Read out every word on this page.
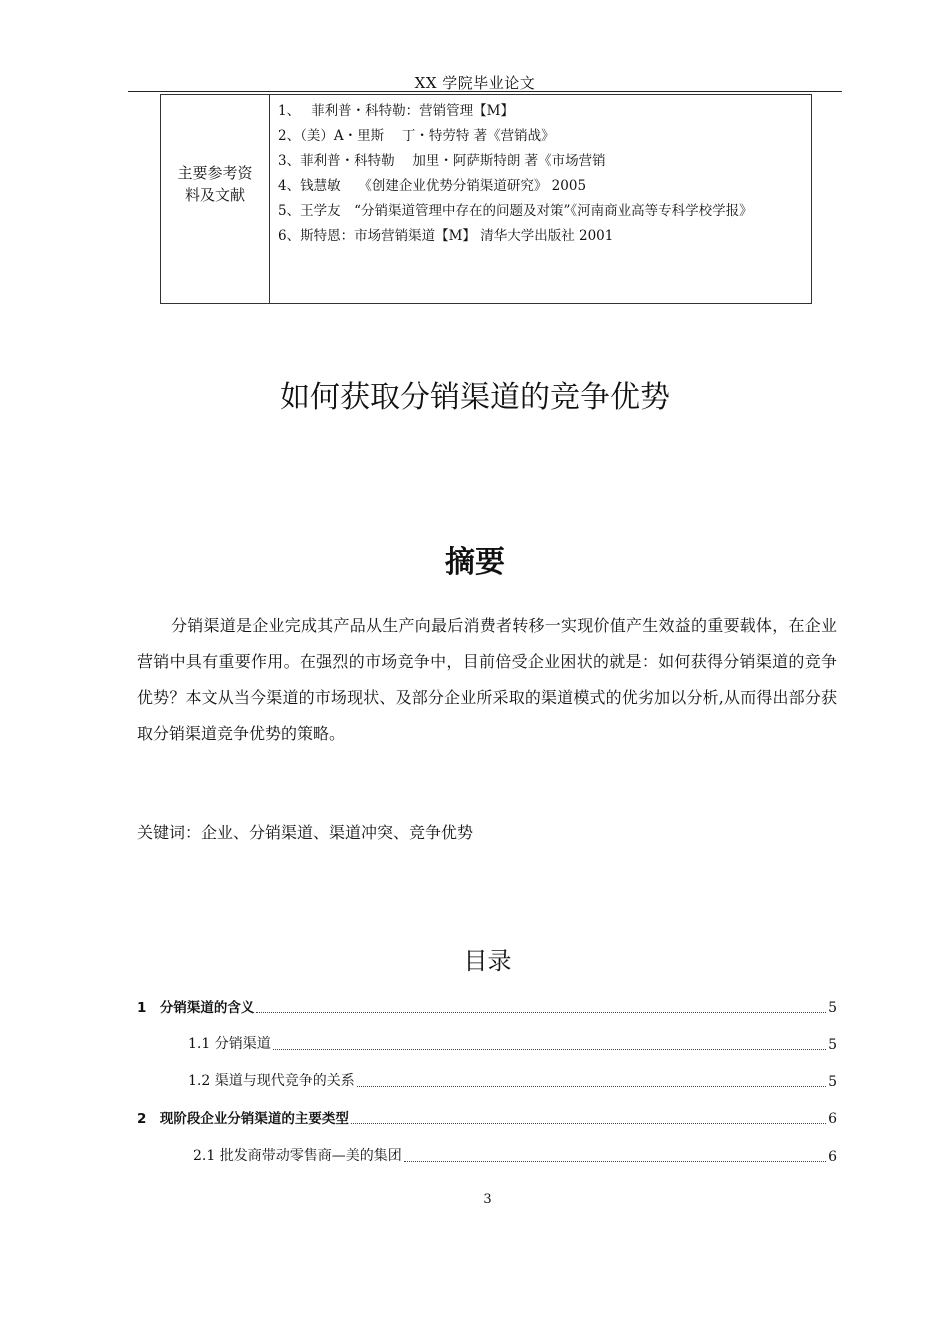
XX 学院毕业论文
主要参考资　料及文献
1、　 菲利普・科特勒：营销管理【M】
2、（美）A・里斯　 丁・特劳特 著《营销战》
3、菲利普・科特勒　 加里・阿萨斯特朗 著《市场营销
4、钱慧敏　 《创建企业优势分销渠道研究》 2005
5、王学友　“分销渠道管理中存在的问题及对策”《河南商业高等专科学校学报》
6、斯特恩：市场营销渠道【M】 清华大学出版社 2001
如何获取分销渠道的竞争优势
摘要
分销渠道是企业完成其产品从生产向最后消费者转移一实现价值产生效益的重要载体，在企业营销中具有重要作用。在强烈的市场竞争中，目前倍受企业困状的就是：如何获得分销渠道的竞争优势？本文从当今渠道的市场现状、及部分企业所采取的渠道模式的优劣加以分析,从而得出部分获取分销渠道竞争优势的策略。
关键词：企业、分销渠道、渠道冲突、竞争优势
目录
1　分销渠道的含义	5
1.1 分销渠道	5
1.2 渠道与现代竞争的关系	5
2　现阶段企业分销渠道的主要类型	6
2.1 批发商带动零售商—美的集团	6
3
